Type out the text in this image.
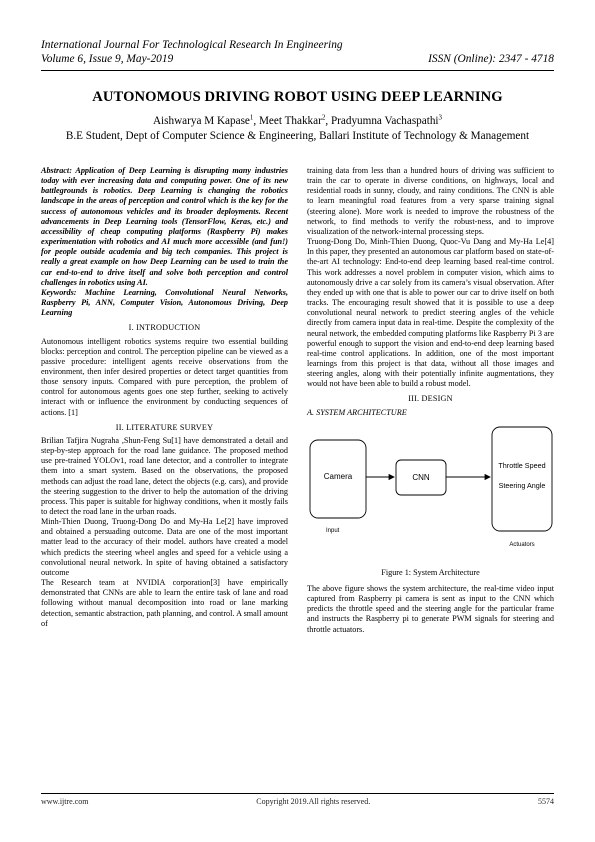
International Journal For Technological Research In Engineering
Volume 6, Issue 9, May-2019	ISSN (Online): 2347 - 4718
AUTONOMOUS DRIVING ROBOT USING DEEP LEARNING
Aishwarya M Kapase$^1$, Meet Thakkar$^2$, Pradyumna Vachaspathi$^3$
B.E Student, Dept of Computer Science & Engineering, Ballari Institute of Technology & Management

Abstract: Application of Deep Learning is disrupting many industries today with ever increasing data and computing power. One of its new battlegrounds is robotics. Deep Learning is changing the robotics landscape in the areas of perception and control which is the key for the success of autonomous vehicles and its broader deployments. Recent advancements in Deep Learning tools (TensorFlow, Keras, etc.) and accessibility of cheap computing platforms (Raspberry Pi) makes experimentation with robotics and AI much more accessible (and fun!) for people outside academia and big tech companies. This project is really a great example on how Deep Learning can be used to train the car end-to-end to drive itself and solve both perception and control challenges in robotics using AI.

Keywords: Machine Learning, Convolutional Neural Networks, Raspberry Pi, ANN, Computer Vision, Autonomous Driving, Deep Learning

I. INTRODUCTION

Autonomous intelligent robotics systems require two essential building blocks: perception and control. The perception pipeline can be viewed as a passive procedure: intelligent agents receive observations from the environment, then infer desired properties or detect target quantities from those sensory inputs. Compared with pure perception, the problem of control for autonomous agents goes one step further, seeking to actively interact with or influence the environment by conducting sequences of actions. [1]

II. LITERATURE SURVEY

Brilian Tafjira Nugraha ,Shun-Feng Su[1] have demonstrated a detail and step-by-step approach for the road lane guidance. The proposed method use pre-trained YOLOv1, road lane detector, and a controller to integrate them into a smart system. Based on the observations, the proposed methods can adjust the road lane, detect the objects (e.g. cars), and provide the steering suggestion to the driver to help the automation of the driving process. This paper is suitable for highway conditions, when it mostly fails to detect the road lane in the urban roads.

Minh-Thien Duong, Truong-Dong Do and My-Ha Le[2] have improved and obtained a persuading outcome. Data are one of the most important matter lead to the accuracy of their model. authors have created a model which predicts the steering wheel angles and speed for a vehicle using a convolutional neural network. In spite of having obtained a satisfactory outcome

The Research team at NVIDIA corporation[3] have empirically demonstrated that CNNs are able to learn the entire task of lane and road following without manual decomposition into road or lane marking detection, semantic abstraction, path planning, and control. A small amount of

training data from less than a hundred hours of driving was sufficient to train the car to operate in diverse conditions, on highways, local and residential roads in sunny, cloudy, and rainy conditions. The CNN is able to learn meaningful road features from a very sparse training signal (steering alone). More work is needed to improve the robustness of the network, to find methods to verify the robust-ness, and to improve visualization of the network-internal processing steps.

Truong-Dong Do, Minh-Thien Duong, Quoc-Vu Dang and My-Ha Le[4] In this paper, they presented an autonomous car platform based on state-of-the-art AI technology: End-to-end deep learning based real-time control. This work addresses a novel problem in computer vision, which aims to autonomously drive a car solely from its camera’s visual observation. After they ended up with one that is able to power our car to drive itself on both tracks. The encouraging result showed that it is possible to use a deep convolutional neural network to predict steering angles of the vehicle directly from camera input data in real-time. Despite the complexity of the neural network, the embedded computing platforms like Raspberry Pi 3 are powerful enough to support the vision and end-to-end deep learning based real-time control applications. In addition, one of the most important learnings from this project is that data, without all those images and steering angles, along with their potentially infinite augmentations, they would not have been able to build a robust model.

III. DESIGN
A. SYSTEM ARCHITECTURE
Camera
Input
CNN
Throttle Speed
Steering Angle
Actuators
Figure 1: System Architecture

The above figure shows the system architecture, the real-time video input captured from Raspberry pi camera is sent as input to the CNN which predicts the throttle speed and the steering angle for the particular frame and instructs the Raspberry pi to generate PWM signals for steering and throttle actuators.

www.ijtre.com	Copyright 2019.All rights reserved.	5574
